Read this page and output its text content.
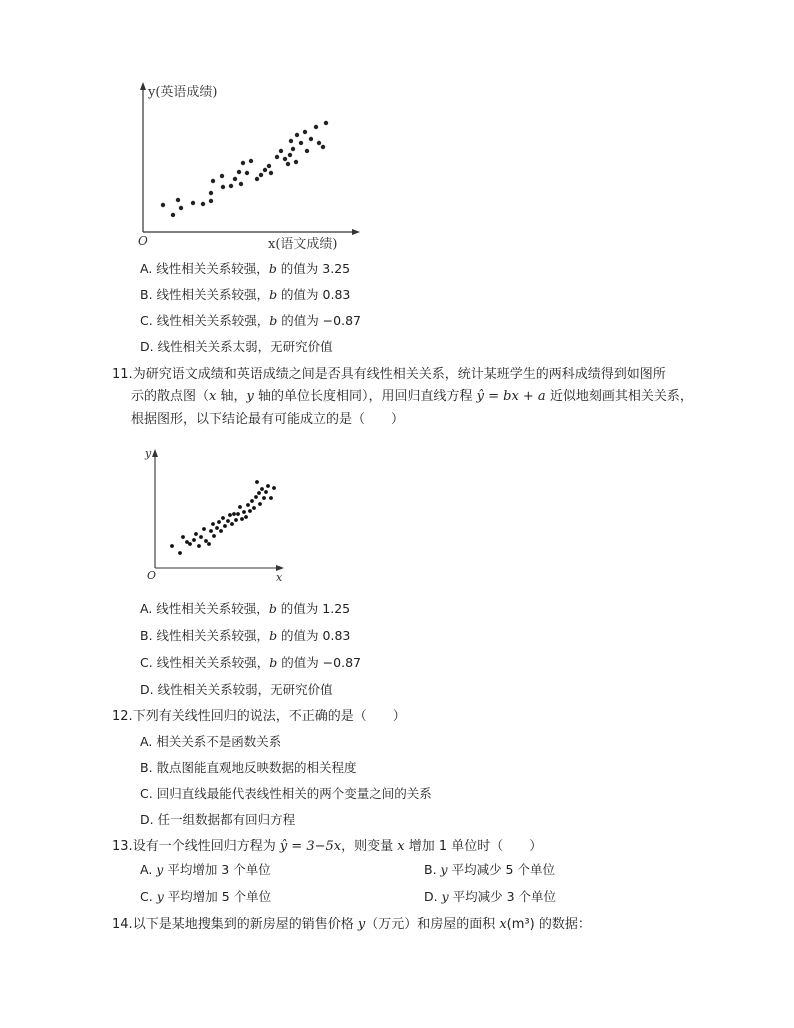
y(英语成绩)
x(语文成绩)
O
A. 线性相关关系较强，b 的值为 3.25
B. 线性相关关系较强，b 的值为 0.83
C. 线性相关关系较强，b 的值为 −0.87
D. 线性相关关系太弱，无研究价值
11.为研究语文成绩和英语成绩之间是否具有线性相关关系，统计某班学生的两科成绩得到如图所
示的散点图（x 轴，y 轴的单位长度相同），用回归直线方程 ŷ = bx + a 近似地刻画其相关关系，
根据图形，以下结论最有可能成立的是（　　）
y
x
O
A. 线性相关关系较强，b 的值为 1.25
B. 线性相关关系较强，b 的值为 0.83
C. 线性相关关系较强，b 的值为 −0.87
D. 线性相关关系较弱，无研究价值
12.下列有关线性回归的说法，不正确的是（　　）
A. 相关关系不是函数关系
B. 散点图能直观地反映数据的相关程度
C. 回归直线最能代表线性相关的两个变量之间的关系
D. 任一组数据都有回归方程
13.设有一个线性回归方程为 ŷ = 3−5x，则变量 x 增加 1 单位时（　　）
A. y 平均增加 3 个单位	B. y 平均减少 5 个单位
C. y 平均增加 5 个单位	D. y 平均减少 3 个单位
14.以下是某地搜集到的新房屋的销售价格 y（万元）和房屋的面积 x(m³) 的数据：
